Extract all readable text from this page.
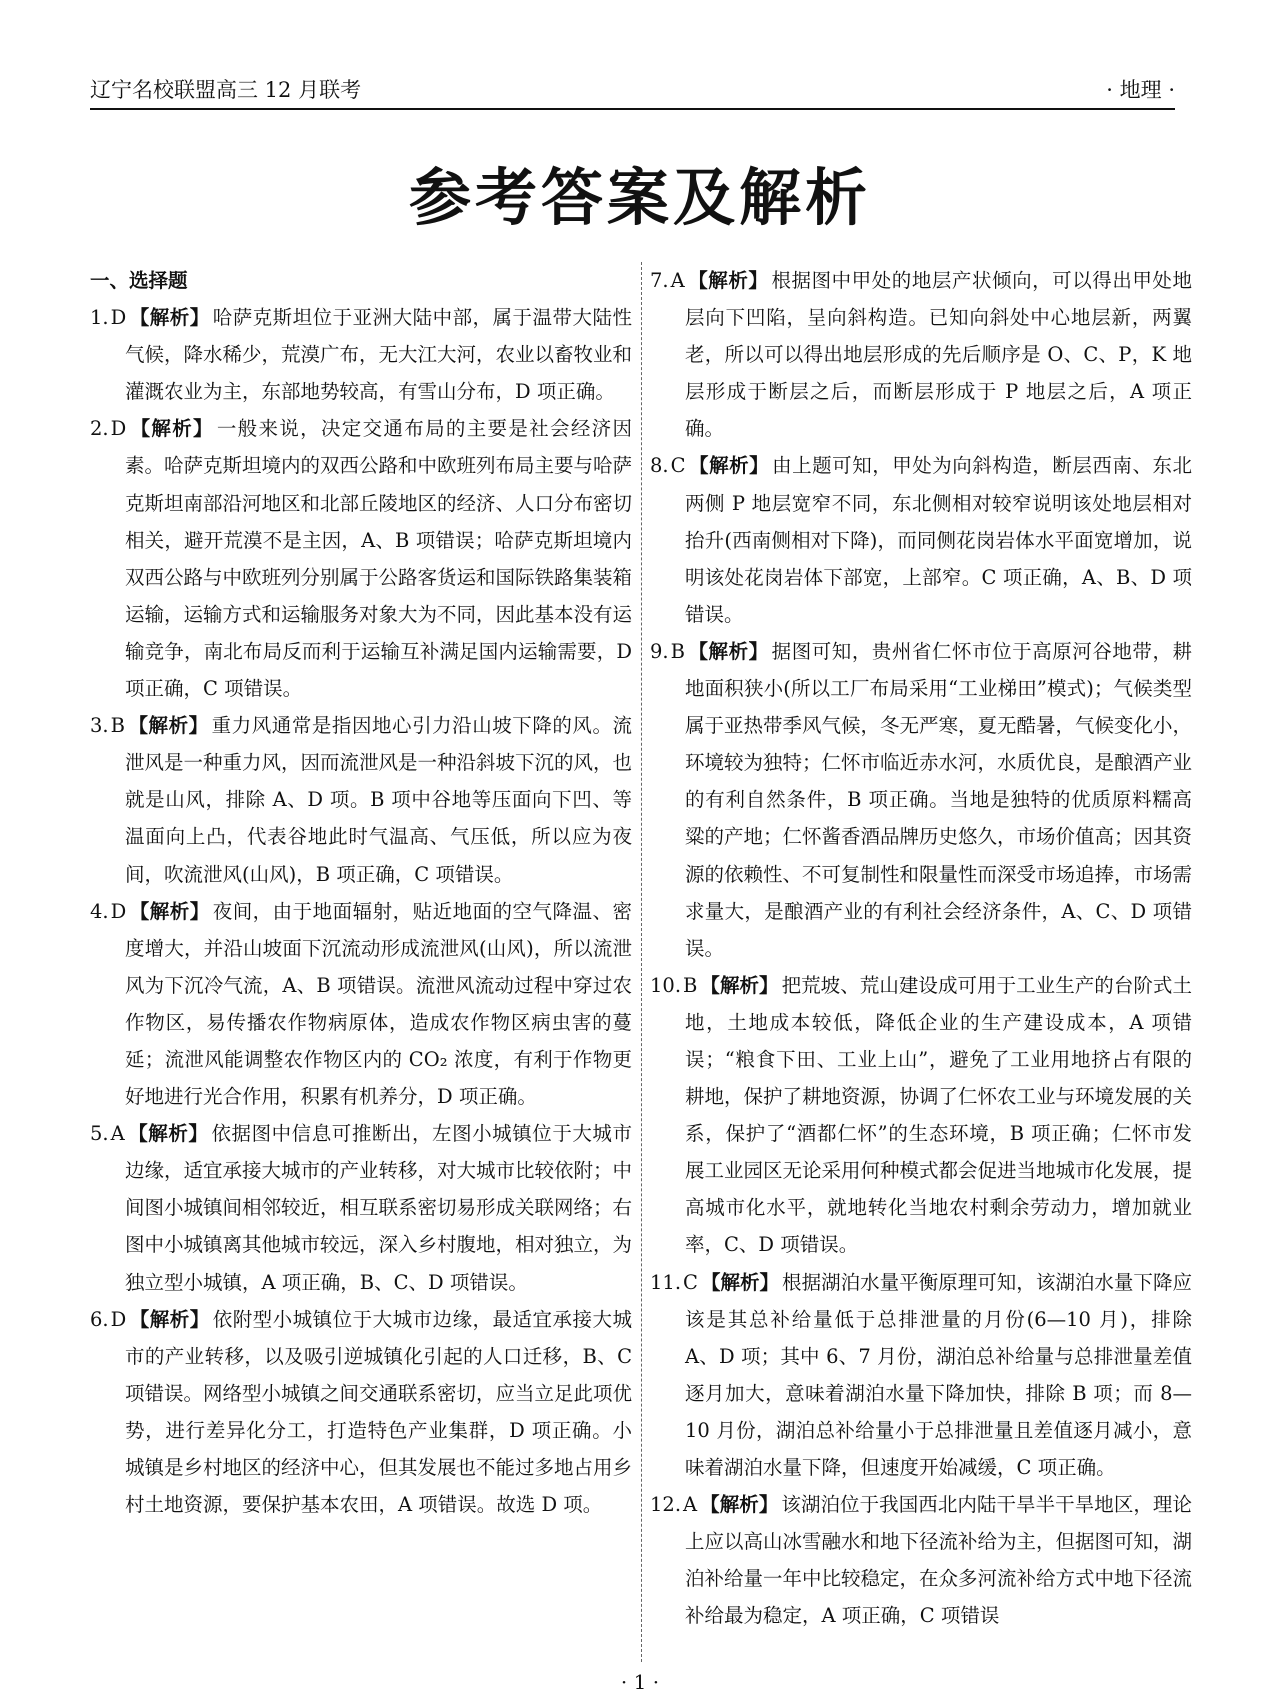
辽宁名校联盟高三 12 月联考	· 地理 ·
参考答案及解析

一、选择题

1. D 【解析】 哈萨克斯坦位于亚洲大陆中部，属于温带大陆性气候，降水稀少，荒漠广布，无大江大河，农业以畜牧业和灌溉农业为主，东部地势较高，有雪山分布，D 项正确。

2. D 【解析】 一般来说，决定交通布局的主要是社会经济因素。哈萨克斯坦境内的双西公路和中欧班列布局主要与哈萨克斯坦南部沿河地区和北部丘陵地区的经济、人口分布密切相关，避开荒漠不是主因，A、B 项错误；哈萨克斯坦境内双西公路与中欧班列分别属于公路客货运和国际铁路集装箱运输，运输方式和运输服务对象大为不同，因此基本没有运输竞争，南北布局反而利于运输互补满足国内运输需要，D 项正确，C 项错误。

3. B 【解析】 重力风通常是指因地心引力沿山坡下降的风。流泄风是一种重力风，因而流泄风是一种沿斜坡下沉的风，也就是山风，排除 A、D 项。B 项中谷地等压面向下凹、等温面向上凸，代表谷地此时气温高、气压低，所以应为夜间，吹流泄风(山风)，B 项正确，C 项错误。

4. D 【解析】 夜间，由于地面辐射，贴近地面的空气降温、密度增大，并沿山坡面下沉流动形成流泄风(山风)，所以流泄风为下沉冷气流，A、B 项错误。流泄风流动过程中穿过农作物区，易传播农作物病原体，造成农作物区病虫害的蔓延；流泄风能调整农作物区内的 CO₂ 浓度，有利于作物更好地进行光合作用，积累有机养分，D 项正确。

5. A 【解析】 依据图中信息可推断出，左图小城镇位于大城市边缘，适宜承接大城市的产业转移，对大城市比较依附；中间图小城镇间相邻较近，相互联系密切易形成关联网络；右图中小城镇离其他城市较远，深入乡村腹地，相对独立，为独立型小城镇，A 项正确，B、C、D 项错误。

6. D 【解析】 依附型小城镇位于大城市边缘，最适宜承接大城市的产业转移，以及吸引逆城镇化引起的人口迁移，B、C 项错误。网络型小城镇之间交通联系密切，应当立足此项优势，进行差异化分工，打造特色产业集群，D 项正确。小城镇是乡村地区的经济中心，但其发展也不能过多地占用乡村土地资源，要保护基本农田，A 项错误。故选 D 项。

7. A 【解析】 根据图中甲处的地层产状倾向，可以得出甲处地层向下凹陷，呈向斜构造。已知向斜处中心地层新，两翼老，所以可以得出地层形成的先后顺序是 O、C、P，K 地层形成于断层之后，而断层形成于 P 地层之后，A 项正确。

8. C 【解析】 由上题可知，甲处为向斜构造，断层西南、东北两侧 P 地层宽窄不同，东北侧相对较窄说明该处地层相对抬升(西南侧相对下降)，而同侧花岗岩体水平面宽增加，说明该处花岗岩体下部宽，上部窄。C 项正确，A、B、D 项错误。

9. B 【解析】 据图可知，贵州省仁怀市位于高原河谷地带，耕地面积狭小(所以工厂布局采用“工业梯田”模式)；气候类型属于亚热带季风气候，冬无严寒，夏无酷暑，气候变化小，环境较为独特；仁怀市临近赤水河，水质优良，是酿酒产业的有利自然条件，B 项正确。当地是独特的优质原料糯高粱的产地；仁怀酱香酒品牌历史悠久，市场价值高；因其资源的依赖性、不可复制性和限量性而深受市场追捧，市场需求量大，是酿酒产业的有利社会经济条件，A、C、D 项错误。

10. B 【解析】 把荒坡、荒山建设成可用于工业生产的台阶式土地，土地成本较低，降低企业的生产建设成本，A 项错误；“粮食下田、工业上山”，避免了工业用地挤占有限的耕地，保护了耕地资源，协调了仁怀农工业与环境发展的关系，保护了“酒都仁怀”的生态环境，B 项正确；仁怀市发展工业园区无论采用何种模式都会促进当地城市化发展，提高城市化水平，就地转化当地农村剩余劳动力，增加就业率，C、D 项错误。

11. C 【解析】 根据湖泊水量平衡原理可知，该湖泊水量下降应该是其总补给量低于总排泄量的月份(6—10 月)，排除 A、D 项；其中 6、7 月份，湖泊总补给量与总排泄量差值逐月加大，意味着湖泊水量下降加快，排除 B 项；而 8—10 月份，湖泊总补给量小于总排泄量且差值逐月减小，意味着湖泊水量下降，但速度开始减缓，C 项正确。

12. A 【解析】 该湖泊位于我国西北内陆干旱半干旱地区，理论上应以高山冰雪融水和地下径流补给为主，但据图可知，湖泊补给量一年中比较稳定，在众多河流补给方式中地下径流补给最为稳定，A 项正确，C 项错误

· 1 ·
